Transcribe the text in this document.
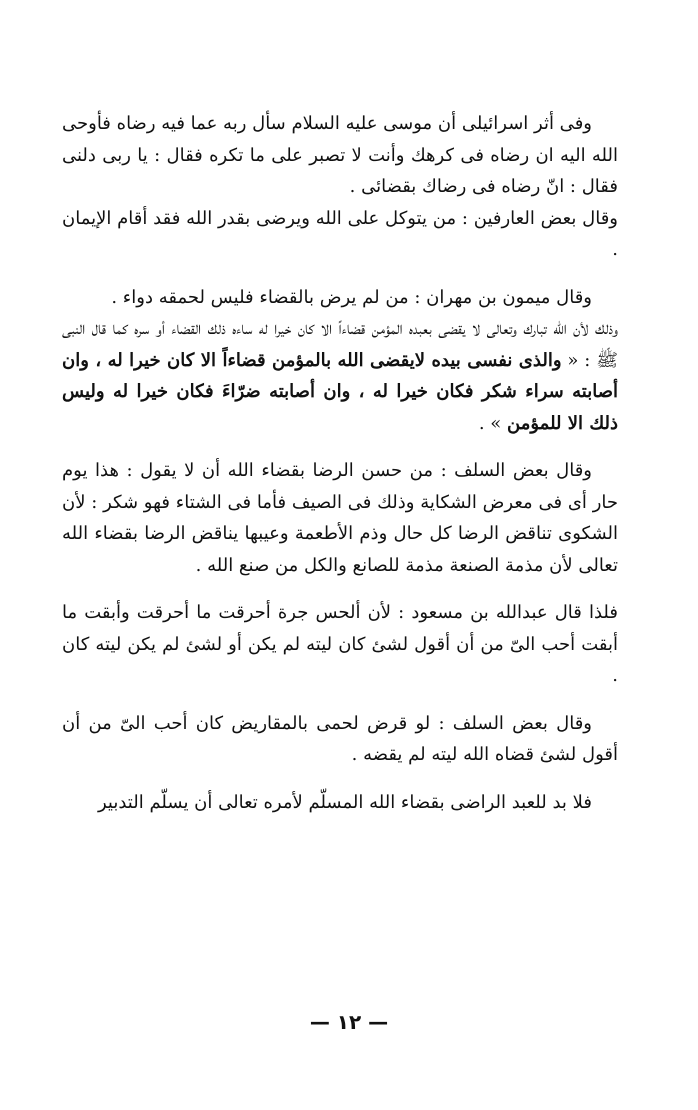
وفى أثر اسرائيلى أن موسى عليه السلام سأل ربه عما فيه رضاه فأوحى الله اليه ان رضاه فى كرهك وأنت لا تصبر على ما تكره فقال : يا ربى دلنى فقال : انّ رضاه فى رضاك بقضائى .

وقال بعض العارفين : من يتوكل على الله ويرضى بقدر الله فقد أقام الإيمان .

وقال ميمون بن مهران : من لم يرض بالقضاء فليس لحمقه دواء .

وذلك لأن الله تبارك وتعالى لا يقضى بعبده المؤمن قضاءاً الا كان خيرا له ساءه ذلك القضاء أو سره كما قال النبى ﷺ : « والذى نفسى بيده لايقضى الله بالمؤمن قضاءاً الا كان خيرا له ، وان أصابته سراء شكر فكان خيرا له ، وان أصابته ضرّاءَ فكان خيرا له وليس ذلك الا للمؤمن » .

وقال بعض السلف : من حسن الرضا بقضاء الله أن لا يقول : هذا يوم حار أى فى معرض الشكاية وذلك فى الصيف فأما فى الشتاء فهو شكر : لأن الشكوى تناقض الرضا كل حال وذم الأطعمة وعيبها يناقض الرضا بقضاء الله تعالى لأن مذمة الصنعة مذمة للصانع والكل من صنع الله .

فلذا قال عبدالله بن مسعود : لأن ألحس جرة أحرقت ما أحرقت وأبقت ما أبقت أحب الىّ من أن أقول لشئ كان ليته لم يكن أو لشئ لم يكن ليته كان .

وقال بعض السلف : لو قرض لحمى بالمقاريض كان أحب الىّ من أن أقول لشئ قضاه الله ليته لم يقضه .

فلا بد للعبد الراضى بقضاء الله المسلّم لأمره تعالى أن يسلّم التدبير

— ١٢ —
